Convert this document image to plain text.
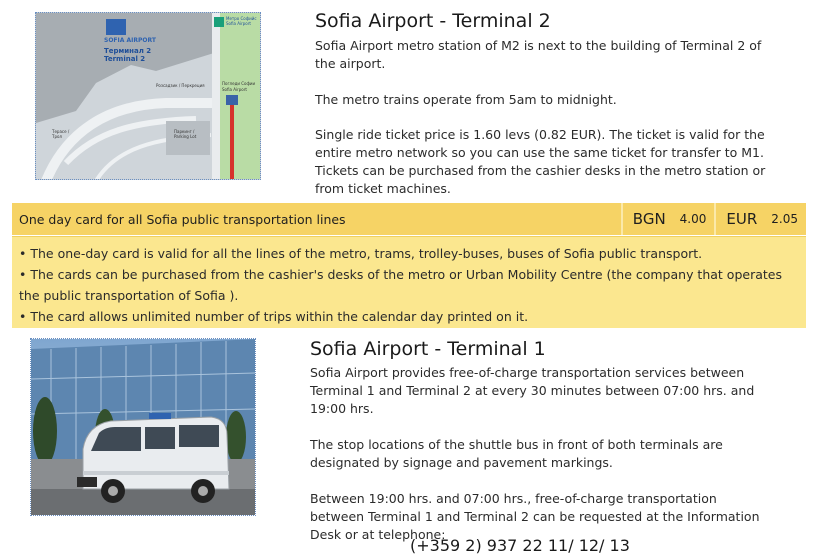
SOFIA AIRPORT
Терминал 2
Terminal 2
Метро Софийс
Sofia Airport
Розсадзик / Перкреция	Погледи Софии
Sofia Airport
Паркинг / Parking Lot
Терасе / Трол
Sofia Airport - Terminal 2
Sofia Airport metro station of M2 is next to the building of Terminal 2 of the airport.
The metro trains operate from 5am to midnight.
Single ride ticket price is 1.60 levs (0.82 EUR). The ticket is valid for the entire metro network so you can use the same ticket for transfer to M1. Tickets can be purchased from the cashier desks in the metro station or from ticket machines.
One day card for all Sofia public transportation lines	BGN 4.00 EUR 2.05
• The one-day card is valid for all the lines of the metro, trams, trolley-buses, buses of Sofia public transport.
• The cards can be purchased from the cashier's desks of the metro or Urban Mobility Centre (the company that operates the public transportation of Sofia ).
• The card allows unlimited number of trips within the calendar day printed on it.
Sofia Airport - Terminal 1
Sofia Airport provides free-of-charge transportation services between Terminal 1 and Terminal 2 at every 30 minutes between 07:00 hrs. and 19:00 hrs.
The stop locations of the shuttle bus in front of both terminals are designated by signage and pavement markings.
Between 19:00 hrs. and 07:00 hrs., free-of-charge transportation between Terminal 1 and Terminal 2 can be requested at the Information Desk or at telephone:
(+359 2) 937 22 11/ 12/ 13
